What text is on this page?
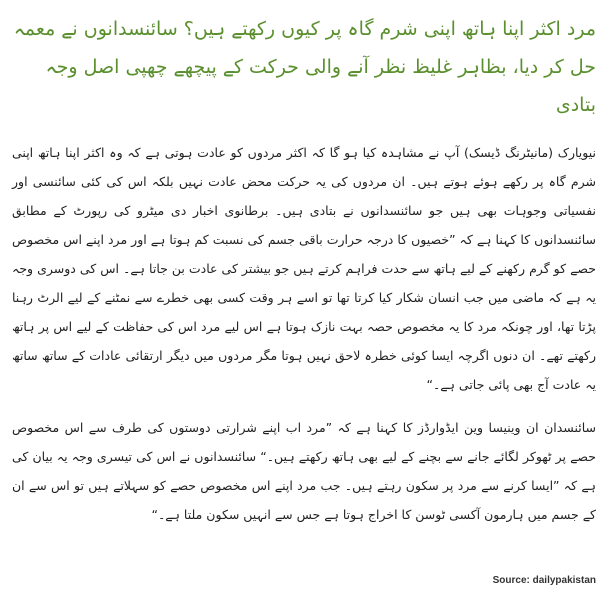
مرد اکثر اپنا ہاتھ اپنی شرم گاہ پر کیوں رکھتے ہیں؟ سائنسدانوں نے معمہ حل کر دیا، بظاہر غلیظ نظر آنے والی حرکت کے پیچھے چھپی اصل وجہ بتادی

نیویارک (مانیٹرنگ ڈیسک) آپ نے مشاہدہ کیا ہو گا کہ اکثر مردوں کو عادت ہوتی ہے کہ وہ اکثر اپنا ہاتھ اپنی شرم گاہ پر رکھے ہوئے ہوتے ہیں۔ ان مردوں کی یہ حرکت محض عادت نہیں بلکہ اس کی کئی سائنسی اور نفسیاتی وجوہات بھی ہیں جو سائنسدانوں نے بتادی ہیں۔ برطانوی اخبار دی میٹرو کی رپورٹ کے مطابق سائنسدانوں کا کہنا ہے کہ ”خصیوں کا درجہ حرارت باقی جسم کی نسبت کم ہوتا ہے اور مرد اپنے اس مخصوص حصے کو گرم رکھنے کے لیے ہاتھ سے حدت فراہم کرتے ہیں جو بیشتر کی عادت بن جاتا ہے۔ اس کی دوسری وجہ یہ ہے کہ ماضی میں جب انسان شکار کیا کرتا تھا تو اسے ہر وقت کسی بھی خطرے سے نمٹنے کے لیے الرٹ رہنا پڑتا تھا، اور چونکہ مرد کا یہ مخصوص حصہ بہت نازک ہوتا ہے اس لیے مرد اس کی حفاظت کے لیے اس پر ہاتھ رکھتے تھے۔ ان دنوں اگرچہ ایسا کوئی خطرہ لاحق نہیں ہوتا مگر مردوں میں دیگر ارتقائی عادات کے ساتھ ساتھ یہ عادت آج بھی پائی جاتی ہے۔“

سائنسدان ان وینیسا وین ایڈوارڈز کا کہنا ہے کہ ”مرد اب اپنے شرارتی دوستوں کی طرف سے اس مخصوص حصے پر ٹھوکر لگائے جانے سے بچنے کے لیے بھی ہاتھ رکھتے ہیں۔“ سائنسدانوں نے اس کی تیسری وجہ یہ بیان کی ہے کہ ”ایسا کرنے سے مرد پر سکون رہتے ہیں۔ جب مرد اپنے اس مخصوص حصے کو سہلاتے ہیں تو اس سے ان کے جسم میں ہارمون آکسی ٹوسن کا اخراج ہوتا ہے جس سے انہیں سکون ملتا ہے۔“

Source: dailypakistan
